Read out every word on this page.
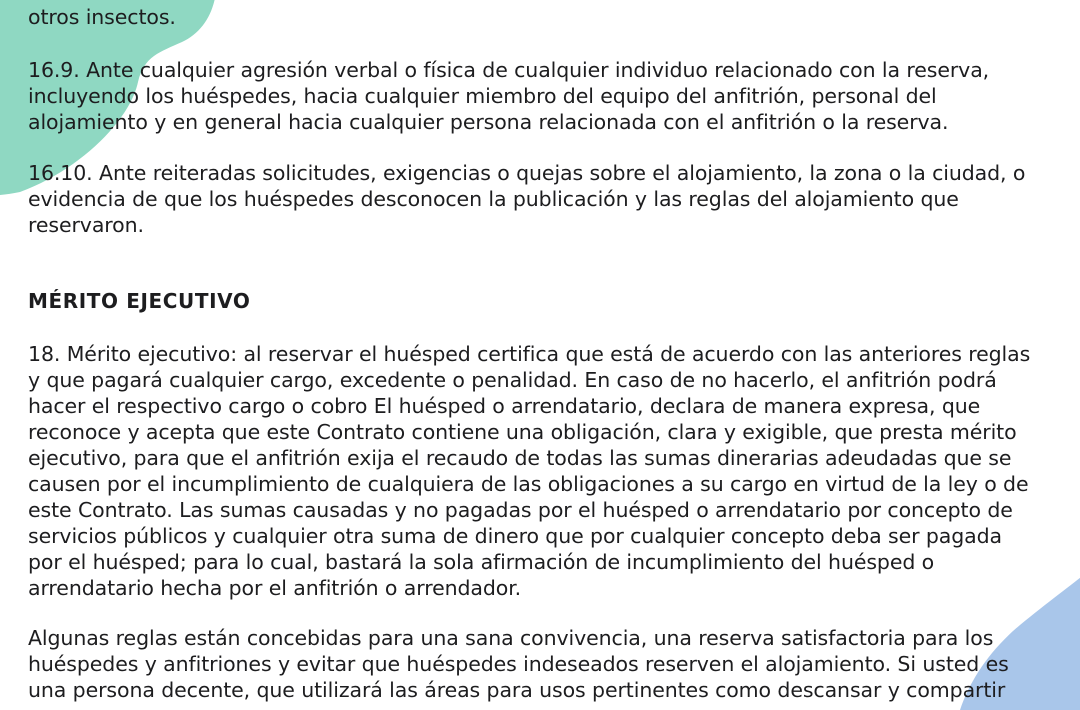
otros insectos.

16.9. Ante cualquier agresión verbal o física de cualquier individuo relacionado con la reserva,
incluyendo los huéspedes, hacia cualquier miembro del equipo del anfitrión, personal del
alojamiento y en general hacia cualquier persona relacionada con el anfitrión o la reserva.

16.10. Ante reiteradas solicitudes, exigencias o quejas sobre el alojamiento, la zona o la ciudad, o
evidencia de que los huéspedes desconocen la publicación y las reglas del alojamiento que
reservaron.

MÉRITO EJECUTIVO

18. Mérito ejecutivo: al reservar el huésped certifica que está de acuerdo con las anteriores reglas
y que pagará cualquier cargo, excedente o penalidad. En caso de no hacerlo, el anfitrión podrá
hacer el respectivo cargo o cobro El huésped o arrendatario, declara de manera expresa, que
reconoce y acepta que este Contrato contiene una obligación, clara y exigible, que presta mérito
ejecutivo, para que el anfitrión exija el recaudo de todas las sumas dinerarias adeudadas que se
causen por el incumplimiento de cualquiera de las obligaciones a su cargo en virtud de la ley o de
este Contrato. Las sumas causadas y no pagadas por el huésped o arrendatario por concepto de
servicios públicos y cualquier otra suma de dinero que por cualquier concepto deba ser pagada
por el huésped; para lo cual, bastará la sola afirmación de incumplimiento del huésped o
arrendatario hecha por el anfitrión o arrendador.

Algunas reglas están concebidas para una sana convivencia, una reserva satisfactoria para los
huéspedes y anfitriones y evitar que huéspedes indeseados reserven el alojamiento. Si usted es
una persona decente, que utilizará las áreas para usos pertinentes como descansar y compartir
